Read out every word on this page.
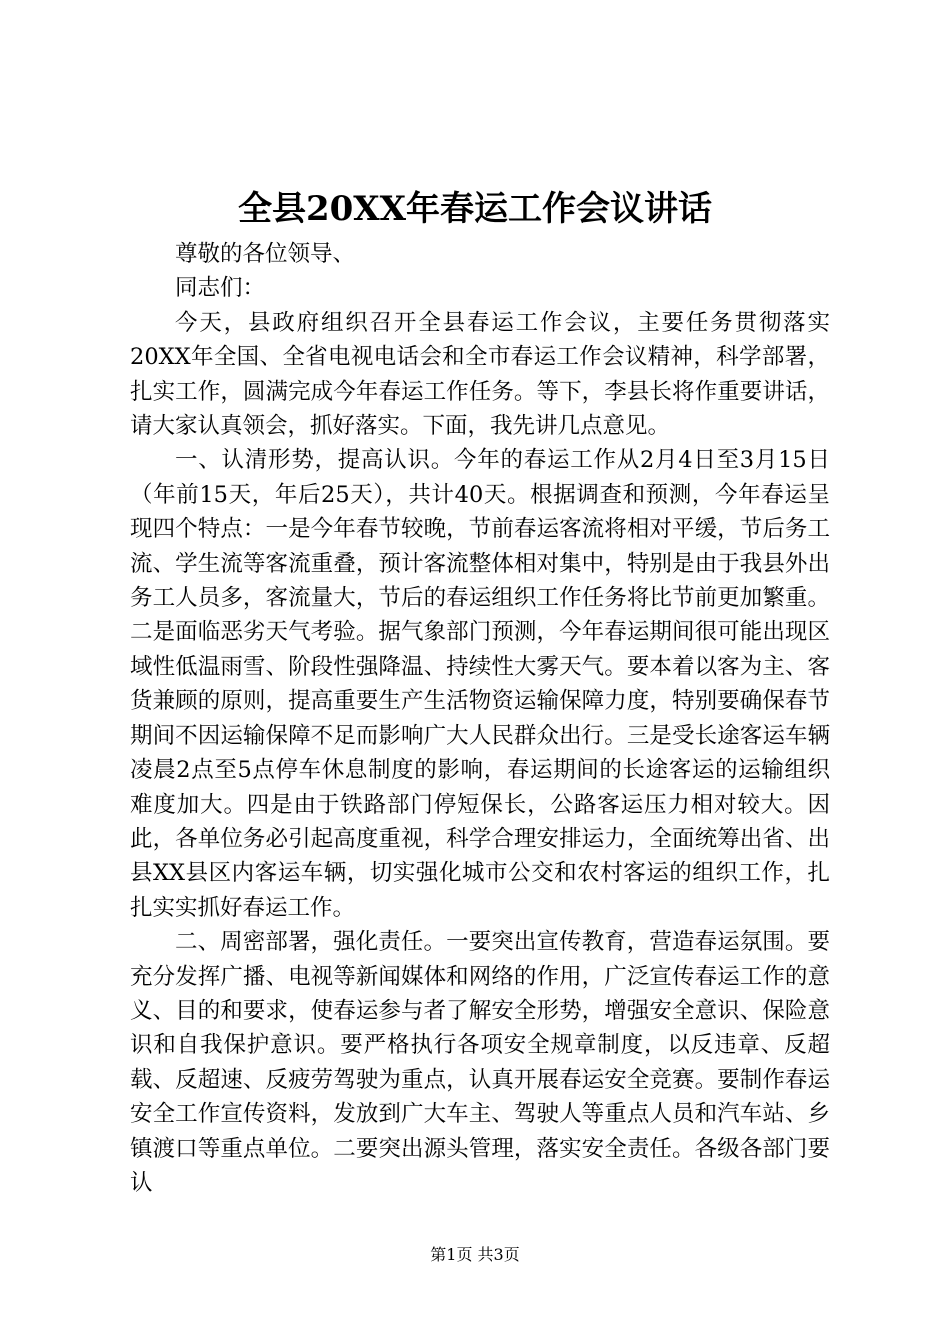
全县20XX年春运工作会议讲话

尊敬的各位领导、

同志们：

今天，县政府组织召开全县春运工作会议，主要任务贯彻落实20XX年全国、全省电视电话会和全市春运工作会议精神，科学部署，扎实工作，圆满完成今年春运工作任务。等下，李县长将作重要讲话，请大家认真领会，抓好落实。下面，我先讲几点意见。

一、认清形势，提高认识。今年的春运工作从2月4日至3月15日（年前15天，年后25天），共计40天。根据调查和预测，今年春运呈现四个特点：一是今年春节较晚，节前春运客流将相对平缓，节后务工流、学生流等客流重叠，预计客流整体相对集中，特别是由于我县外出务工人员多，客流量大，节后的春运组织工作任务将比节前更加繁重。二是面临恶劣天气考验。据气象部门预测，今年春运期间很可能出现区域性低温雨雪、阶段性强降温、持续性大雾天气。要本着以客为主、客货兼顾的原则，提高重要生产生活物资运输保障力度，特别要确保春节期间不因运输保障不足而影响广大人民群众出行。三是受长途客运车辆凌晨2点至5点停车休息制度的影响，春运期间的长途客运的运输组织难度加大。四是由于铁路部门停短保长，公路客运压力相对较大。因此，各单位务必引起高度重视，科学合理安排运力，全面统筹出省、出县XX县区内客运车辆，切实强化城市公交和农村客运的组织工作，扎扎实实抓好春运工作。

二、周密部署，强化责任。一要突出宣传教育，营造春运氛围。要充分发挥广播、电视等新闻媒体和网络的作用，广泛宣传春运工作的意义、目的和要求，使春运参与者了解安全形势，增强安全意识、保险意识和自我保护意识。要严格执行各项安全规章制度，以反违章、反超载、反超速、反疲劳驾驶为重点，认真开展春运安全竞赛。要制作春运安全工作宣传资料，发放到广大车主、驾驶人等重点人员和汽车站、乡镇渡口等重点单位。二要突出源头管理，落实安全责任。各级各部门要认

第1页 共3页
